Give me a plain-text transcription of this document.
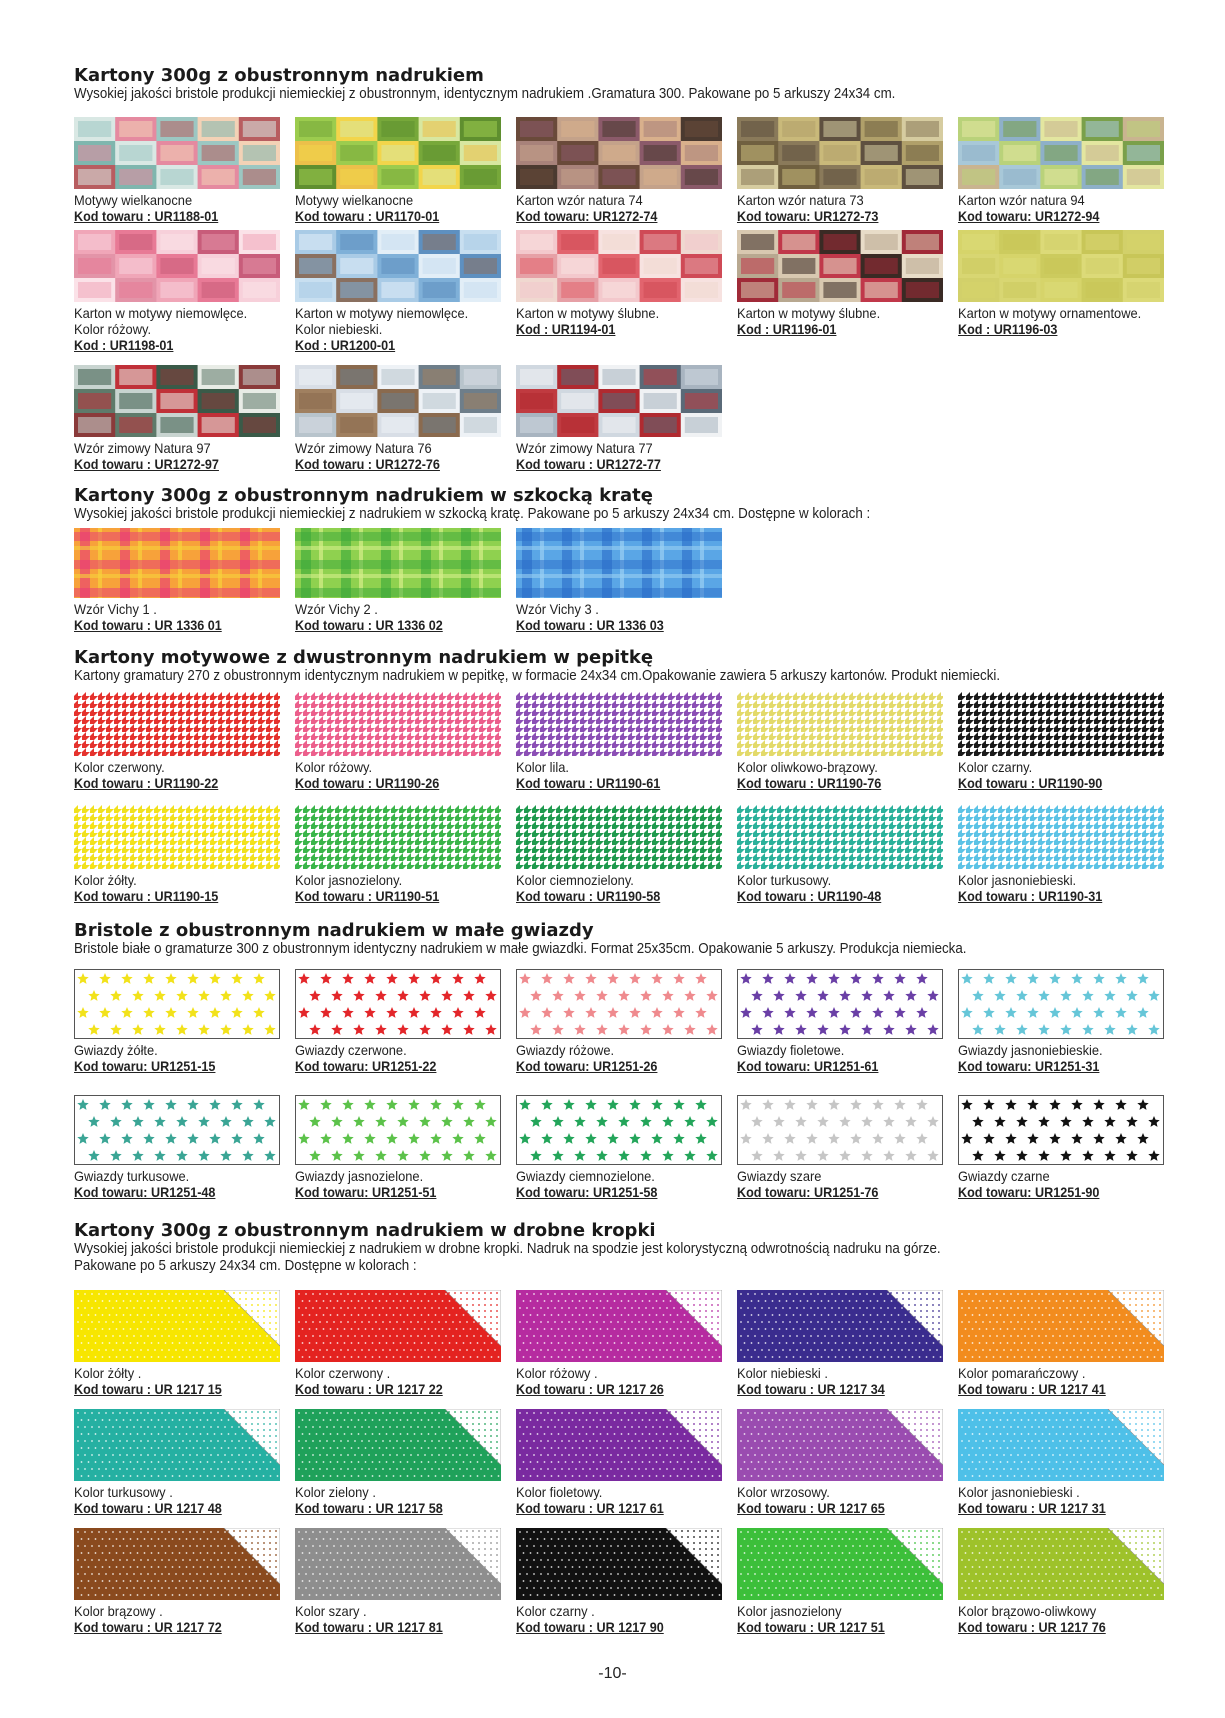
Kartony 300g z obustronnym nadrukiem
Wysokiej jakości bristole produkcji niemieckiej z obustronnym, identycznym nadrukiem .Gramatura 300. Pakowane po 5 arkuszy 24x34 cm.
Motywy wielkanocne
Kod towaru : UR1188-01
Motywy wielkanocne
Kod towaru : UR1170-01
Karton wzór natura 74
Kod towaru: UR1272-74
Karton wzór natura 73
Kod towaru: UR1272-73
Karton wzór natura 94
Kod towaru: UR1272-94
Karton w motywy niemowlęce.
Kolor różowy.
Kod : UR1198-01
Karton w motywy niemowlęce.
Kolor niebieski.
Kod : UR1200-01
Karton w motywy ślubne.
Kod : UR1194-01
Karton w motywy ślubne.
Kod : UR1196-01
Karton w motywy ornamentowe.
Kod : UR1196-03
Wzór zimowy Natura 97
Kod towaru : UR1272-97
Wzór zimowy Natura 76
Kod towaru : UR1272-76
Wzór zimowy Natura 77
Kod towaru : UR1272-77
Kartony 300g z obustronnym nadrukiem w szkocką kratę
Wysokiej jakości bristole produkcji niemieckiej z nadrukiem w szkocką kratę. Pakowane po 5 arkuszy 24x34 cm. Dostępne w kolorach :
Wzór Vichy 1 .
Kod towaru : UR 1336 01
Wzór Vichy 2 .
Kod towaru : UR 1336 02
Wzór Vichy 3 .
Kod towaru : UR 1336 03
Kartony motywowe z dwustronnym nadrukiem w pepitkę
Kartony gramatury 270 z obustronnym identycznym nadrukiem w pepitkę, w formacie 24x34 cm.Opakowanie zawiera 5 arkuszy kartonów. Produkt niemiecki.
Kolor czerwony.
Kod towaru : UR1190-22
Kolor różowy.
Kod towaru : UR1190-26
Kolor lila.
Kod towaru : UR1190-61
Kolor oliwkowo-brązowy.
Kod towaru : UR1190-76
Kolor czarny.
Kod towaru : UR1190-90
Kolor żółty.
Kod towaru : UR1190-15
Kolor jasnozielony.
Kod towaru : UR1190-51
Kolor ciemnozielony.
Kod towaru : UR1190-58
Kolor turkusowy.
Kod towaru : UR1190-48
Kolor jasnoniebieski.
Kod towaru : UR1190-31
Bristole z obustronnym nadrukiem w małe gwiazdy
Bristole białe o gramaturze 300 z obustronnym identyczny nadrukiem w małe gwiazdki. Format 25x35cm. Opakowanie 5 arkuszy. Produkcja niemiecka.
Gwiazdy żółte.
Kod towaru: UR1251-15
Gwiazdy czerwone.
Kod towaru: UR1251-22
Gwiazdy różowe.
Kod towaru: UR1251-26
Gwiazdy fioletowe.
Kod towaru: UR1251-61
Gwiazdy jasnoniebieskie.
Kod towaru: UR1251-31
Gwiazdy turkusowe.
Kod towaru: UR1251-48
Gwiazdy jasnozielone.
Kod towaru: UR1251-51
Gwiazdy ciemnozielone.
Kod towaru: UR1251-58
Gwiazdy szare
Kod towaru: UR1251-76
Gwiazdy czarne
Kod towaru: UR1251-90
Kartony 300g z obustronnym nadrukiem w drobne kropki
Wysokiej jakości bristole produkcji niemieckiej z nadrukiem w drobne kropki. Nadruk na spodzie jest kolorystyczną odwrotnością nadruku na górze.
Pakowane po 5 arkuszy 24x34 cm. Dostępne w kolorach :
Kolor żółty .
Kod towaru : UR 1217 15
Kolor czerwony .
Kod towaru : UR 1217 22
Kolor różowy .
Kod towaru : UR 1217 26
Kolor niebieski .
Kod towaru : UR 1217 34
Kolor pomarańczowy .
Kod towaru : UR 1217 41
Kolor turkusowy .
Kod towaru : UR 1217 48
Kolor zielony .
Kod towaru : UR 1217 58
Kolor fioletowy.
Kod towaru : UR 1217 61
Kolor wrzosowy.
Kod towaru : UR 1217 65
Kolor jasnoniebieski .
Kod towaru : UR 1217 31
Kolor brązowy .
Kod towaru : UR 1217 72
Kolor szary .
Kod towaru : UR 1217 81
Kolor czarny .
Kod towaru : UR 1217 90
Kolor jasnozielony
Kod towaru : UR 1217 51
Kolor brązowo-oliwkowy
Kod towaru : UR 1217 76
-10-
